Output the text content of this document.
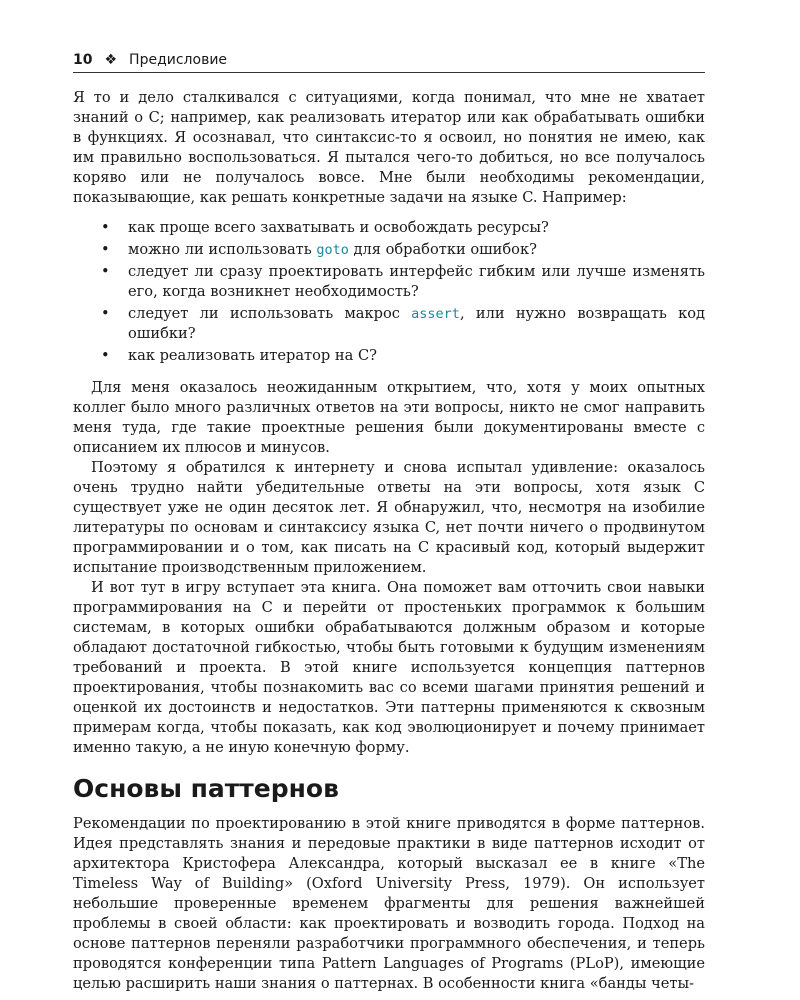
10 ❖ Предисловие

Я то и дело сталкивался с ситуациями, когда понимал, что мне не хватает знаний о C; например, как реализовать итератор или как обрабатывать ошибки в функциях. Я осознавал, что синтаксис-то я освоил, но понятия не имею, как им правильно воспользоваться. Я пытался чего-то добиться, но все получалось коряво или не получалось вовсе. Мне были необходимы рекомендации, показывающие, как решать конкретные задачи на языке C. Например:

• как проще всего захватывать и освобождать ресурсы?
• можно ли использовать goto для обработки ошибок?
• следует ли сразу проектировать интерфейс гибким или лучше изменять его, когда возникнет необходимость?
• следует ли использовать макрос assert, или нужно возвращать код ошибки?
• как реализовать итератор на C?

Для меня оказалось неожиданным открытием, что, хотя у моих опытных коллег было много различных ответов на эти вопросы, никто не смог направить меня туда, где такие проектные решения были документированы вместе с описанием их плюсов и минусов.

Поэтому я обратился к интернету и снова испытал удивление: оказалось очень трудно найти убедительные ответы на эти вопросы, хотя язык C существует уже не один десяток лет. Я обнаружил, что, несмотря на изобилие литературы по основам и синтаксису языка C, нет почти ничего о продвинутом программировании и о том, как писать на C красивый код, который выдержит испытание производственным приложением.

И вот тут в игру вступает эта книга. Она поможет вам отточить свои навыки программирования на C и перейти от простеньких программок к большим системам, в которых ошибки обрабатываются должным образом и которые обладают достаточной гибкостью, чтобы быть готовыми к будущим изменениям требований и проекта. В этой книге используется концепция паттернов проектирования, чтобы познакомить вас со всеми шагами принятия решений и оценкой их достоинств и недостатков. Эти паттерны применяются к сквозным примерам когда, чтобы показать, как код эволюционирует и почему принимает именно такую, а не иную конечную форму.

Основы паттернов

Рекомендации по проектированию в этой книге приводятся в форме паттернов. Идея представлять знания и передовые практики в виде паттернов исходит от архитектора Кристофера Александра, который высказал ее в книге «The Timeless Way of Building» (Oxford University Press, 1979). Он использует небольшие проверенные временем фрагменты для решения важнейшей проблемы в своей области: как проектировать и возводить города. Подход на основе паттернов переняли разработчики программного обеспечения, и теперь проводятся конференции типа Pattern Languages of Programs (PLoP), имеющие целью расширить наши знания о паттернах. В особенности книга «банды четы-
